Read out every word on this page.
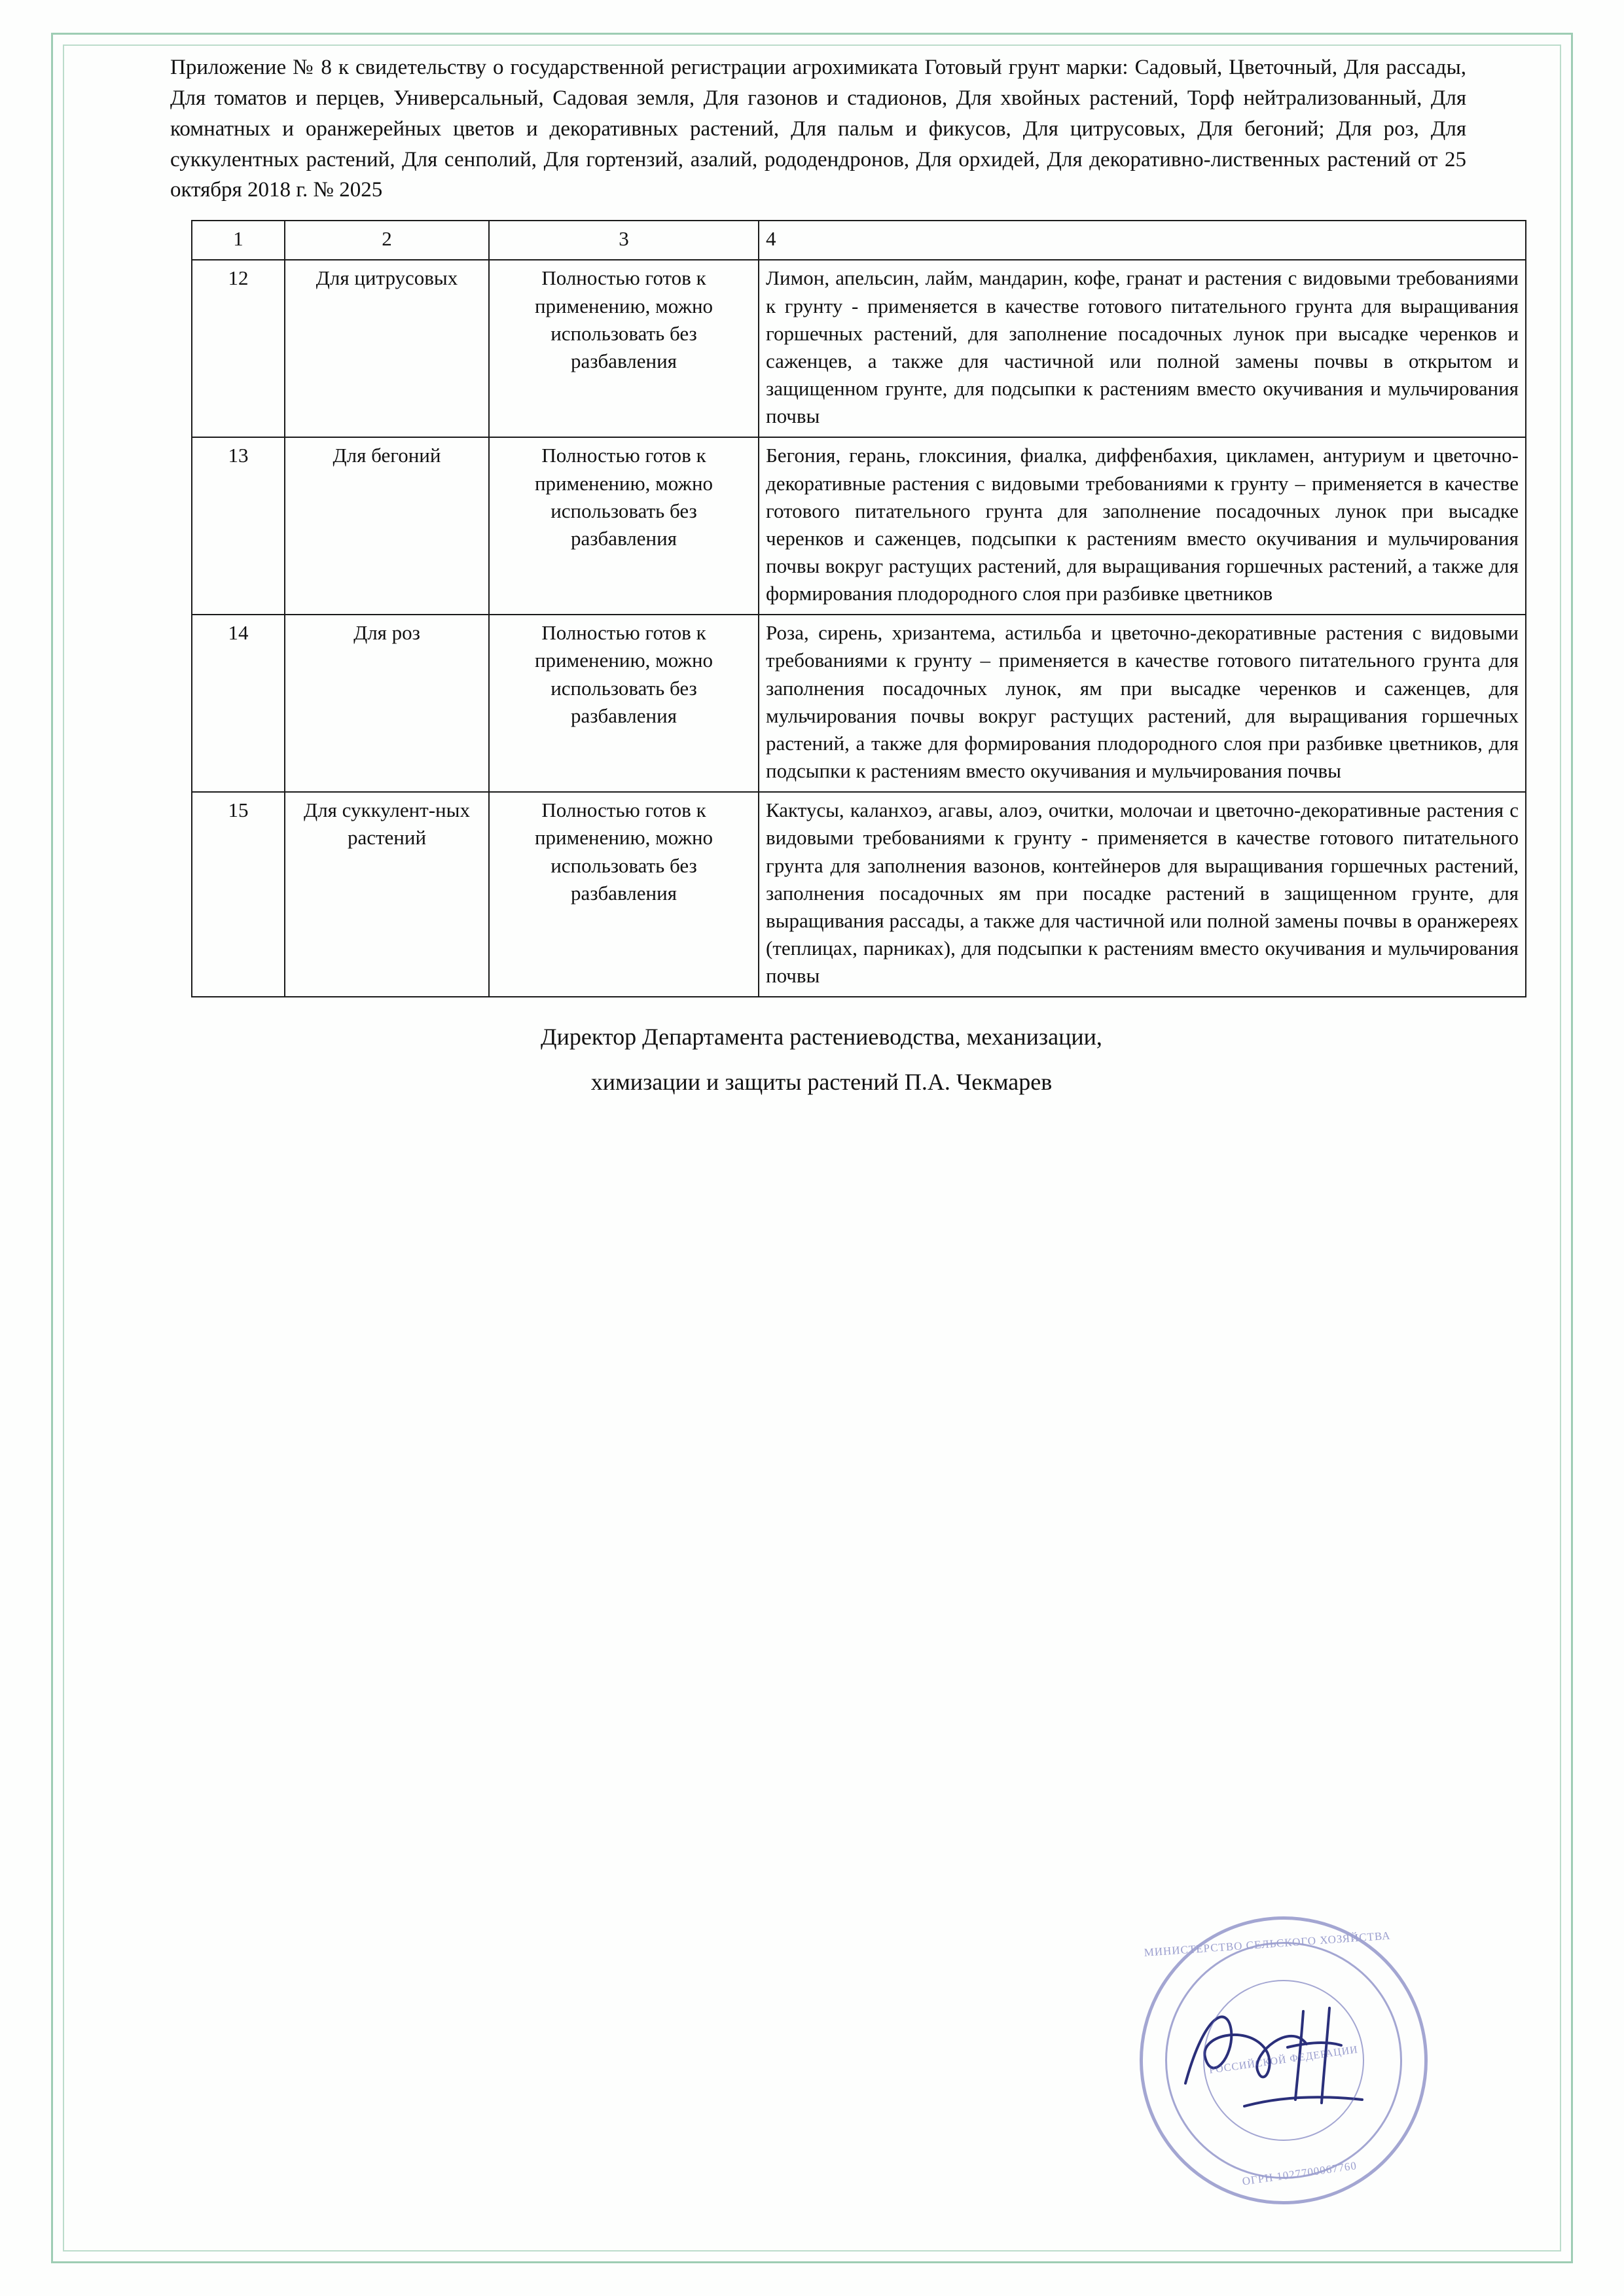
Приложение № 8 к свидетельству о государственной регистрации агрохимиката Готовый грунт марки: Садовый, Цветочный, Для рассады, Для томатов и перцев, Универсальный, Садовая земля, Для газонов и стадионов, Для хвойных растений, Торф нейтрализованный, Для комнатных и оранжерейных цветов и декоративных растений, Для пальм и фикусов, Для цитрусовых, Для бегоний; Для роз, Для суккулентных растений, Для сенполий, Для гортензий, азалий, рододендронов, Для орхидей, Для декоративно-лиственных растений от 25 октября 2018 г. № 2025

1	2	3	4
12	Для цитрусовых	Полностью готов к применению, можно использовать без разбавления	Лимон, апельсин, лайм, мандарин, кофе, гранат и растения с видовыми требованиями к грунту - применяется в качестве готового питательного грунта для выращивания горшечных растений, для заполнение посадочных лунок при высадке черенков и саженцев, а также для частичной или полной замены почвы в открытом и защищенном грунте, для подсыпки к растениям вместо окучивания и мульчирования почвы
13	Для бегоний	Полностью готов к применению, можно использовать без разбавления	Бегония, герань, глоксиния, фиалка, диффенбахия, цикламен, антуриум и цветочно-декоративные растения с видовыми требованиями к грунту – применяется в качестве готового питательного грунта для заполнение посадочных лунок при высадке черенков и саженцев, подсыпки к растениям вместо окучивания и мульчирования почвы вокруг растущих растений, для выращивания горшечных растений, а также для формирования плодородного слоя при разбивке цветников
14	Для роз	Полностью готов к применению, можно использовать без разбавления	Роза, сирень, хризантема, астильба и цветочно-декоративные растения с видовыми требованиями к грунту – применяется в качестве готового питательного грунта для заполнения посадочных лунок, ям при высадке черенков и саженцев, для мульчирования почвы вокруг растущих растений, для выращивания горшечных растений, а также для формирования плодородного слоя при разбивке цветников, для подсыпки к растениям вместо окучивания и мульчирования почвы
15	Для суккулент-ных растений	Полностью готов к применению, можно использовать без разбавления	Кактусы, каланхоэ, агавы, алоэ, очитки, молочаи и цветочно-декоративные растения с видовыми требованиями к грунту - применяется в качестве готового питательного грунта для заполнения вазонов, контейнеров для выращивания горшечных растений, заполнения посадочных ям при посадке растений в защищенном грунте, для выращивания рассады, а также для частичной или полной замены почвы в оранжереях (теплицах, парниках), для подсыпки к растениям вместо окучивания и мульчирования почвы
Директор Департамента растениеводства, механизации,
химизации и защиты растений П.А. Чекмарев
МИНИСТЕРСТВО СЕЛЬСКОГО ХОЗЯЙСТВА
РОССИЙСКОЙ ФЕДЕРАЦИИ
ОГРН 1027700067760
